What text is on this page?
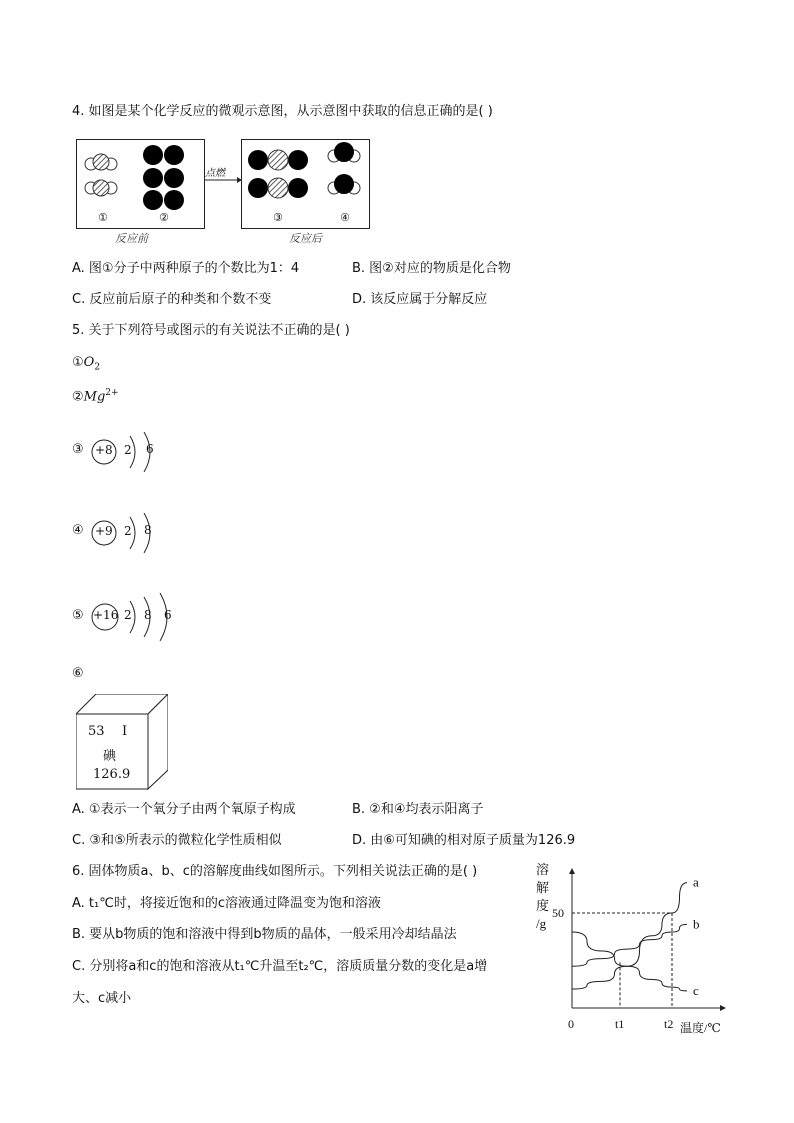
4. 如图是某个化学反应的微观示意图，从示意图中获取的信息正确的是( )
①	②
反应前
点燃
③	④
反应后
A. 图①分子中两种原子的个数比为1：4	B. 图②对应的物质是化合物
C. 反应前后原子的种类和个数不变	D. 该反应属于分解反应
5. 关于下列符号或图示的有关说法不正确的是( )
$①O_2$
$②Mg^{2+}$
③ +8 2 6
④ +9 2 8
⑤ +16 2 8 6
⑥
53 I
碘
126.9
A. ①表示一个氧分子由两个氧原子构成	B. ②和④均表示阳离子
C. ③和⑤所表示的微粒化学性质相似	D. 由⑥可知碘的相对原子质量为126.9
6. 固体物质a、b、c的溶解度曲线如图所示。下列相关说法正确的是( )
A. t₁℃时，将接近饱和的c溶液通过降温变为饱和溶液
B. 要从b物质的饱和溶液中得到b物质的晶体，一般采用冷却结晶法
C. 分别将a和c的饱和溶液从t₁℃升温至t₂℃，溶质质量分数的变化是a增
大、c减小
溶
解
度
/g
0
50
t1	t2 温度/℃
a
b
c
